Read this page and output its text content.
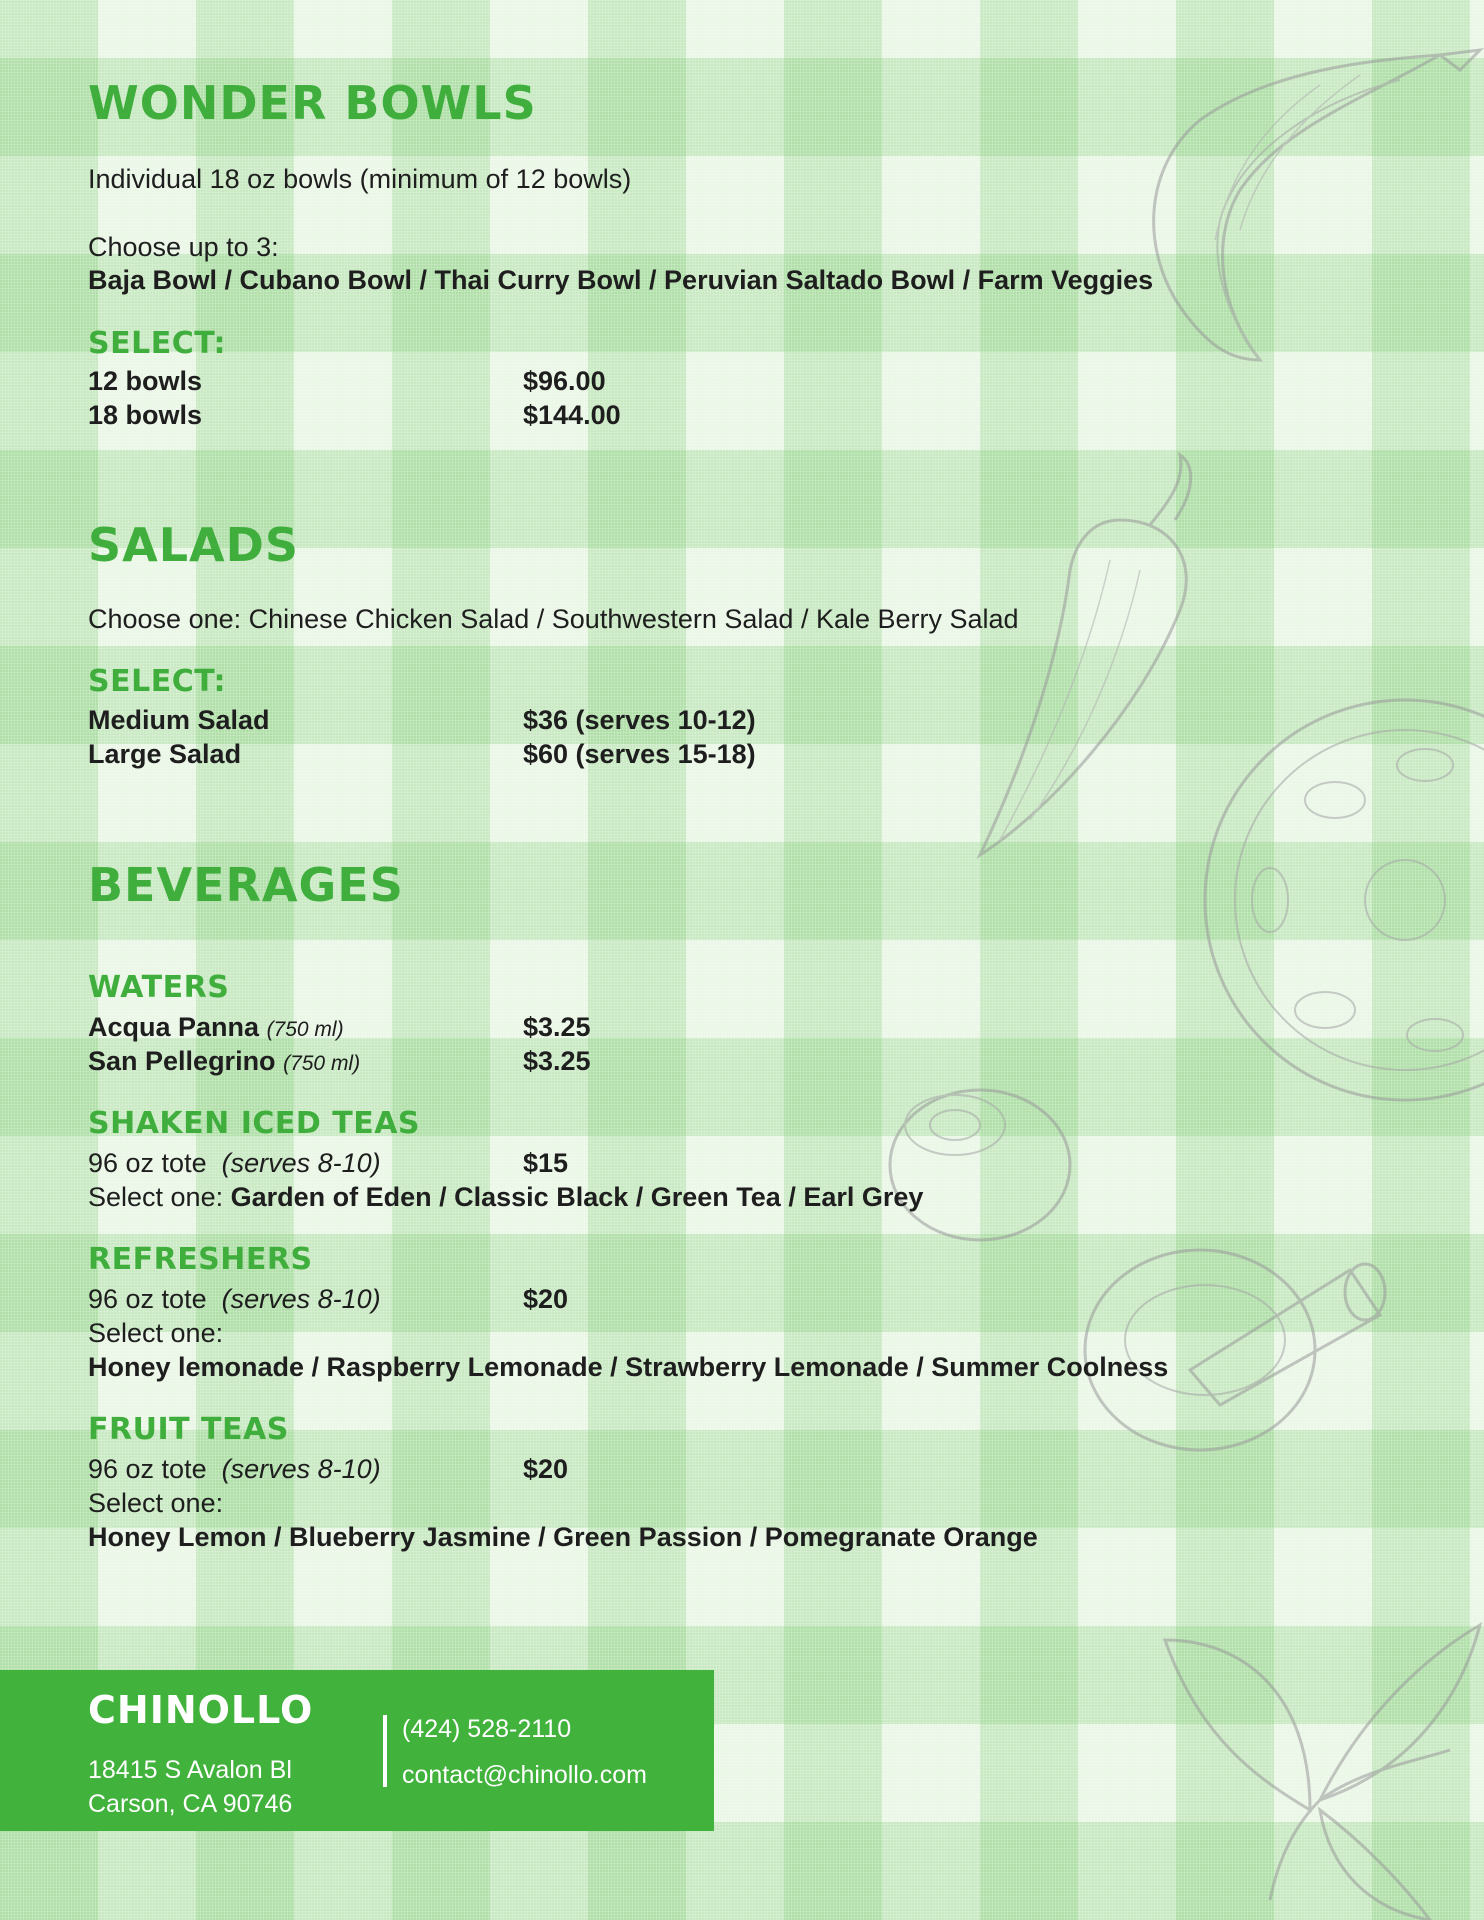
WONDER BOWLS
Individual 18 oz bowls (minimum of 12 bowls)
Choose up to 3:
Baja Bowl / Cubano Bowl / Thai Curry Bowl / Peruvian Saltado Bowl / Farm Veggies
SELECT:
12 bowls	$96.00
18 bowls	$144.00
SALADS
Choose one: Chinese Chicken Salad / Southwestern Salad / Kale Berry Salad
SELECT:
Medium Salad	$36 (serves 10-12)
Large Salad	$60 (serves 15-18)
BEVERAGES
WATERS
Acqua Panna (750 ml)	$3.25
San Pellegrino (750 ml)	$3.25
SHAKEN ICED TEAS
96 oz tote (serves 8-10)	$15
Select one: Garden of Eden / Classic Black / Green Tea / Earl Grey
REFRESHERS
96 oz tote (serves 8-10)	$20
Select one:
Honey lemonade / Raspberry Lemonade / Strawberry Lemonade / Summer Coolness
FRUIT TEAS
96 oz tote (serves 8-10)	$20
Select one:
Honey Lemon / Blueberry Jasmine / Green Passion / Pomegranate Orange
CHINOLLO
18415 S Avalon Bl
Carson, CA 90746
(424) 528-2110
contact@chinollo.com
